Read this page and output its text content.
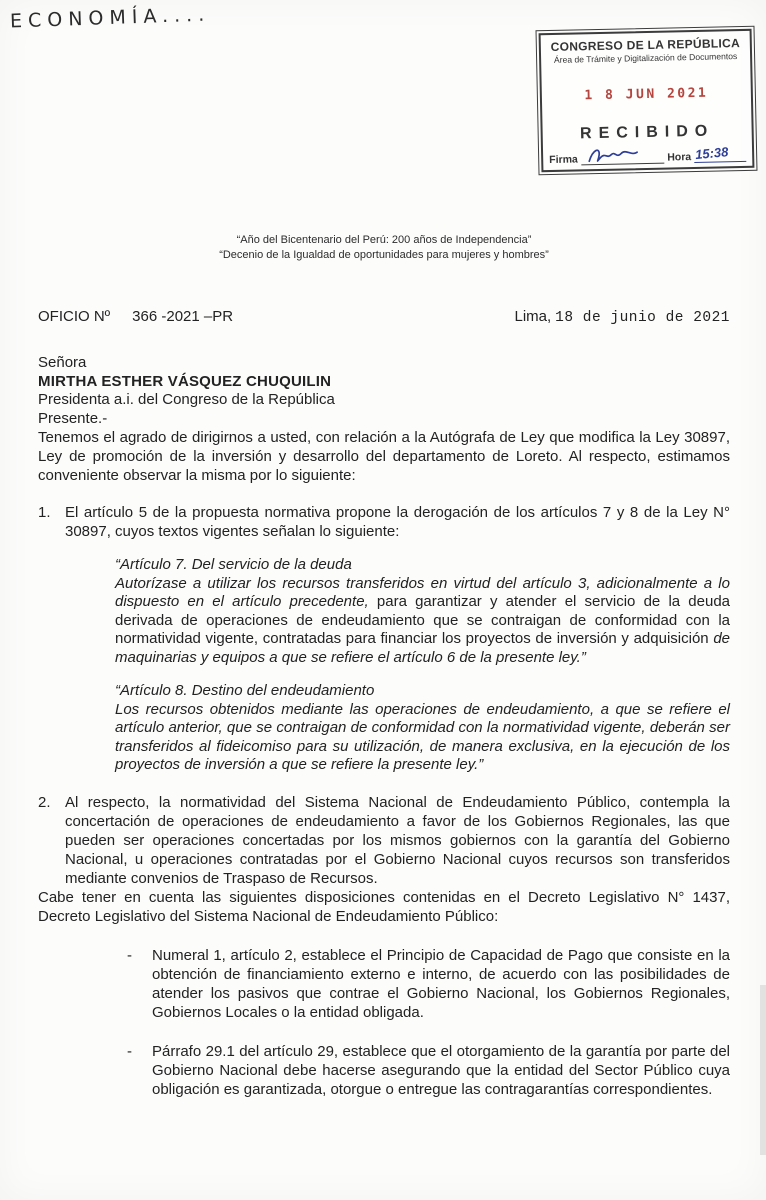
ECONOMÍA....
CONGRESO DE LA REPÚBLICA
Área de Trámite y Digitalización de Documentos
1 8 JUN 2021
RECIBIDO
Firma	Hora 15:38
“Año del Bicentenario del Perú: 200 años de Independencia”
“Decenio de la Igualdad de oportunidades para mujeres y hombres”
OFICIO Nº 366 -2021 –PR	Lima, 18 de junio de 2021
Señora
MIRTHA ESTHER VÁSQUEZ CHUQUILIN
Presidenta a.i. del Congreso de la República
Presente.-

Tenemos el agrado de dirigirnos a usted, con relación a la Autógrafa de Ley que modifica la Ley 30897, Ley de promoción de la inversión y desarrollo del departamento de Loreto. Al respecto, estimamos conveniente observar la misma por lo siguiente:

1. El artículo 5 de la propuesta normativa propone la derogación de los artículos 7 y 8 de la Ley N° 30897, cuyos textos vigentes señalan lo siguiente:
“Artículo 7. Del servicio de la deuda
Autorízase a utilizar los recursos transferidos en virtud del artículo 3, adicionalmente a lo dispuesto en el artículo precedente, para garantizar y atender el servicio de la deuda derivada de operaciones de endeudamiento que se contraigan de conformidad con la normatividad vigente, contratadas para financiar los proyectos de inversión y adquisición de maquinarias y equipos a que se refiere el artículo 6 de la presente ley.”
“Artículo 8. Destino del endeudamiento
Los recursos obtenidos mediante las operaciones de endeudamiento, a que se refiere el artículo anterior, que se contraigan de conformidad con la normatividad vigente, deberán ser transferidos al fideicomiso para su utilización, de manera exclusiva, en la ejecución de los proyectos de inversión a que se refiere la presente ley.”
2. Al respecto, la normatividad del Sistema Nacional de Endeudamiento Público, contempla la concertación de operaciones de endeudamiento a favor de los Gobiernos Regionales, las que pueden ser operaciones concertadas por los mismos gobiernos con la garantía del Gobierno Nacional, u operaciones contratadas por el Gobierno Nacional cuyos recursos son transferidos mediante convenios de Traspaso de Recursos.

Cabe tener en cuenta las siguientes disposiciones contenidas en el Decreto Legislativo N° 1437, Decreto Legislativo del Sistema Nacional de Endeudamiento Público:

-	Numeral 1, artículo 2, establece el Principio de Capacidad de Pago que consiste en la obtención de financiamiento externo e interno, de acuerdo con las posibilidades de atender los pasivos que contrae el Gobierno Nacional, los Gobiernos Regionales, Gobiernos Locales o la entidad obligada.
-	Párrafo 29.1 del artículo 29, establece que el otorgamiento de la garantía por parte del Gobierno Nacional debe hacerse asegurando que la entidad del Sector Público cuya obligación es garantizada, otorgue o entregue las contragarantías correspondientes.
